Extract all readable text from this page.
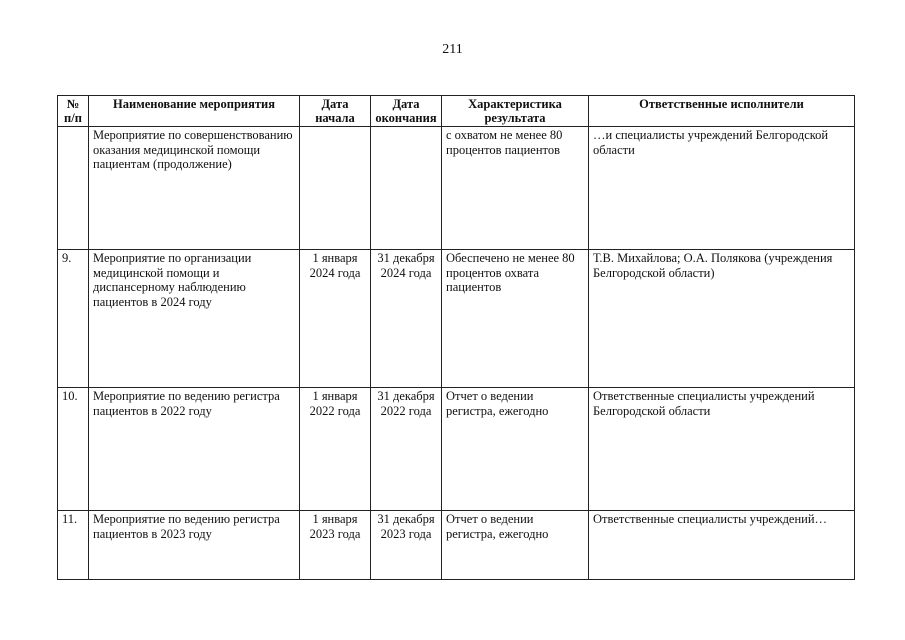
211
№ п/п	Наименование мероприятия	Дата начала	Дата окончания	Характеристика результата	Ответственные исполнители
	Мероприятие по совершенствованию оказания медицинской помощи пациентам (продолжение)			с охватом не менее 80 процентов пациентов	…и специалисты учреждений Белгородской области
9.	Мероприятие по организации медицинской помощи и диспансерному наблюдению пациентов в 2024 году	1 января 2024 года	31 декабря 2024 года	Обеспечено не менее 80 процентов охвата пациентов	Т.В. Михайлова; О.А. Полякова (учреждения Белгородской области)
10.	Мероприятие по ведению регистра пациентов в 2022 году	1 января 2022 года	31 декабря 2022 года	Отчет о ведении регистра, ежегодно	Ответственные специалисты учреждений Белгородской области
11.	Мероприятие по ведению регистра пациентов в 2023 году	1 января 2023 года	31 декабря 2023 года	Отчет о ведении регистра, ежегодно	Ответственные специалисты учреждений…
